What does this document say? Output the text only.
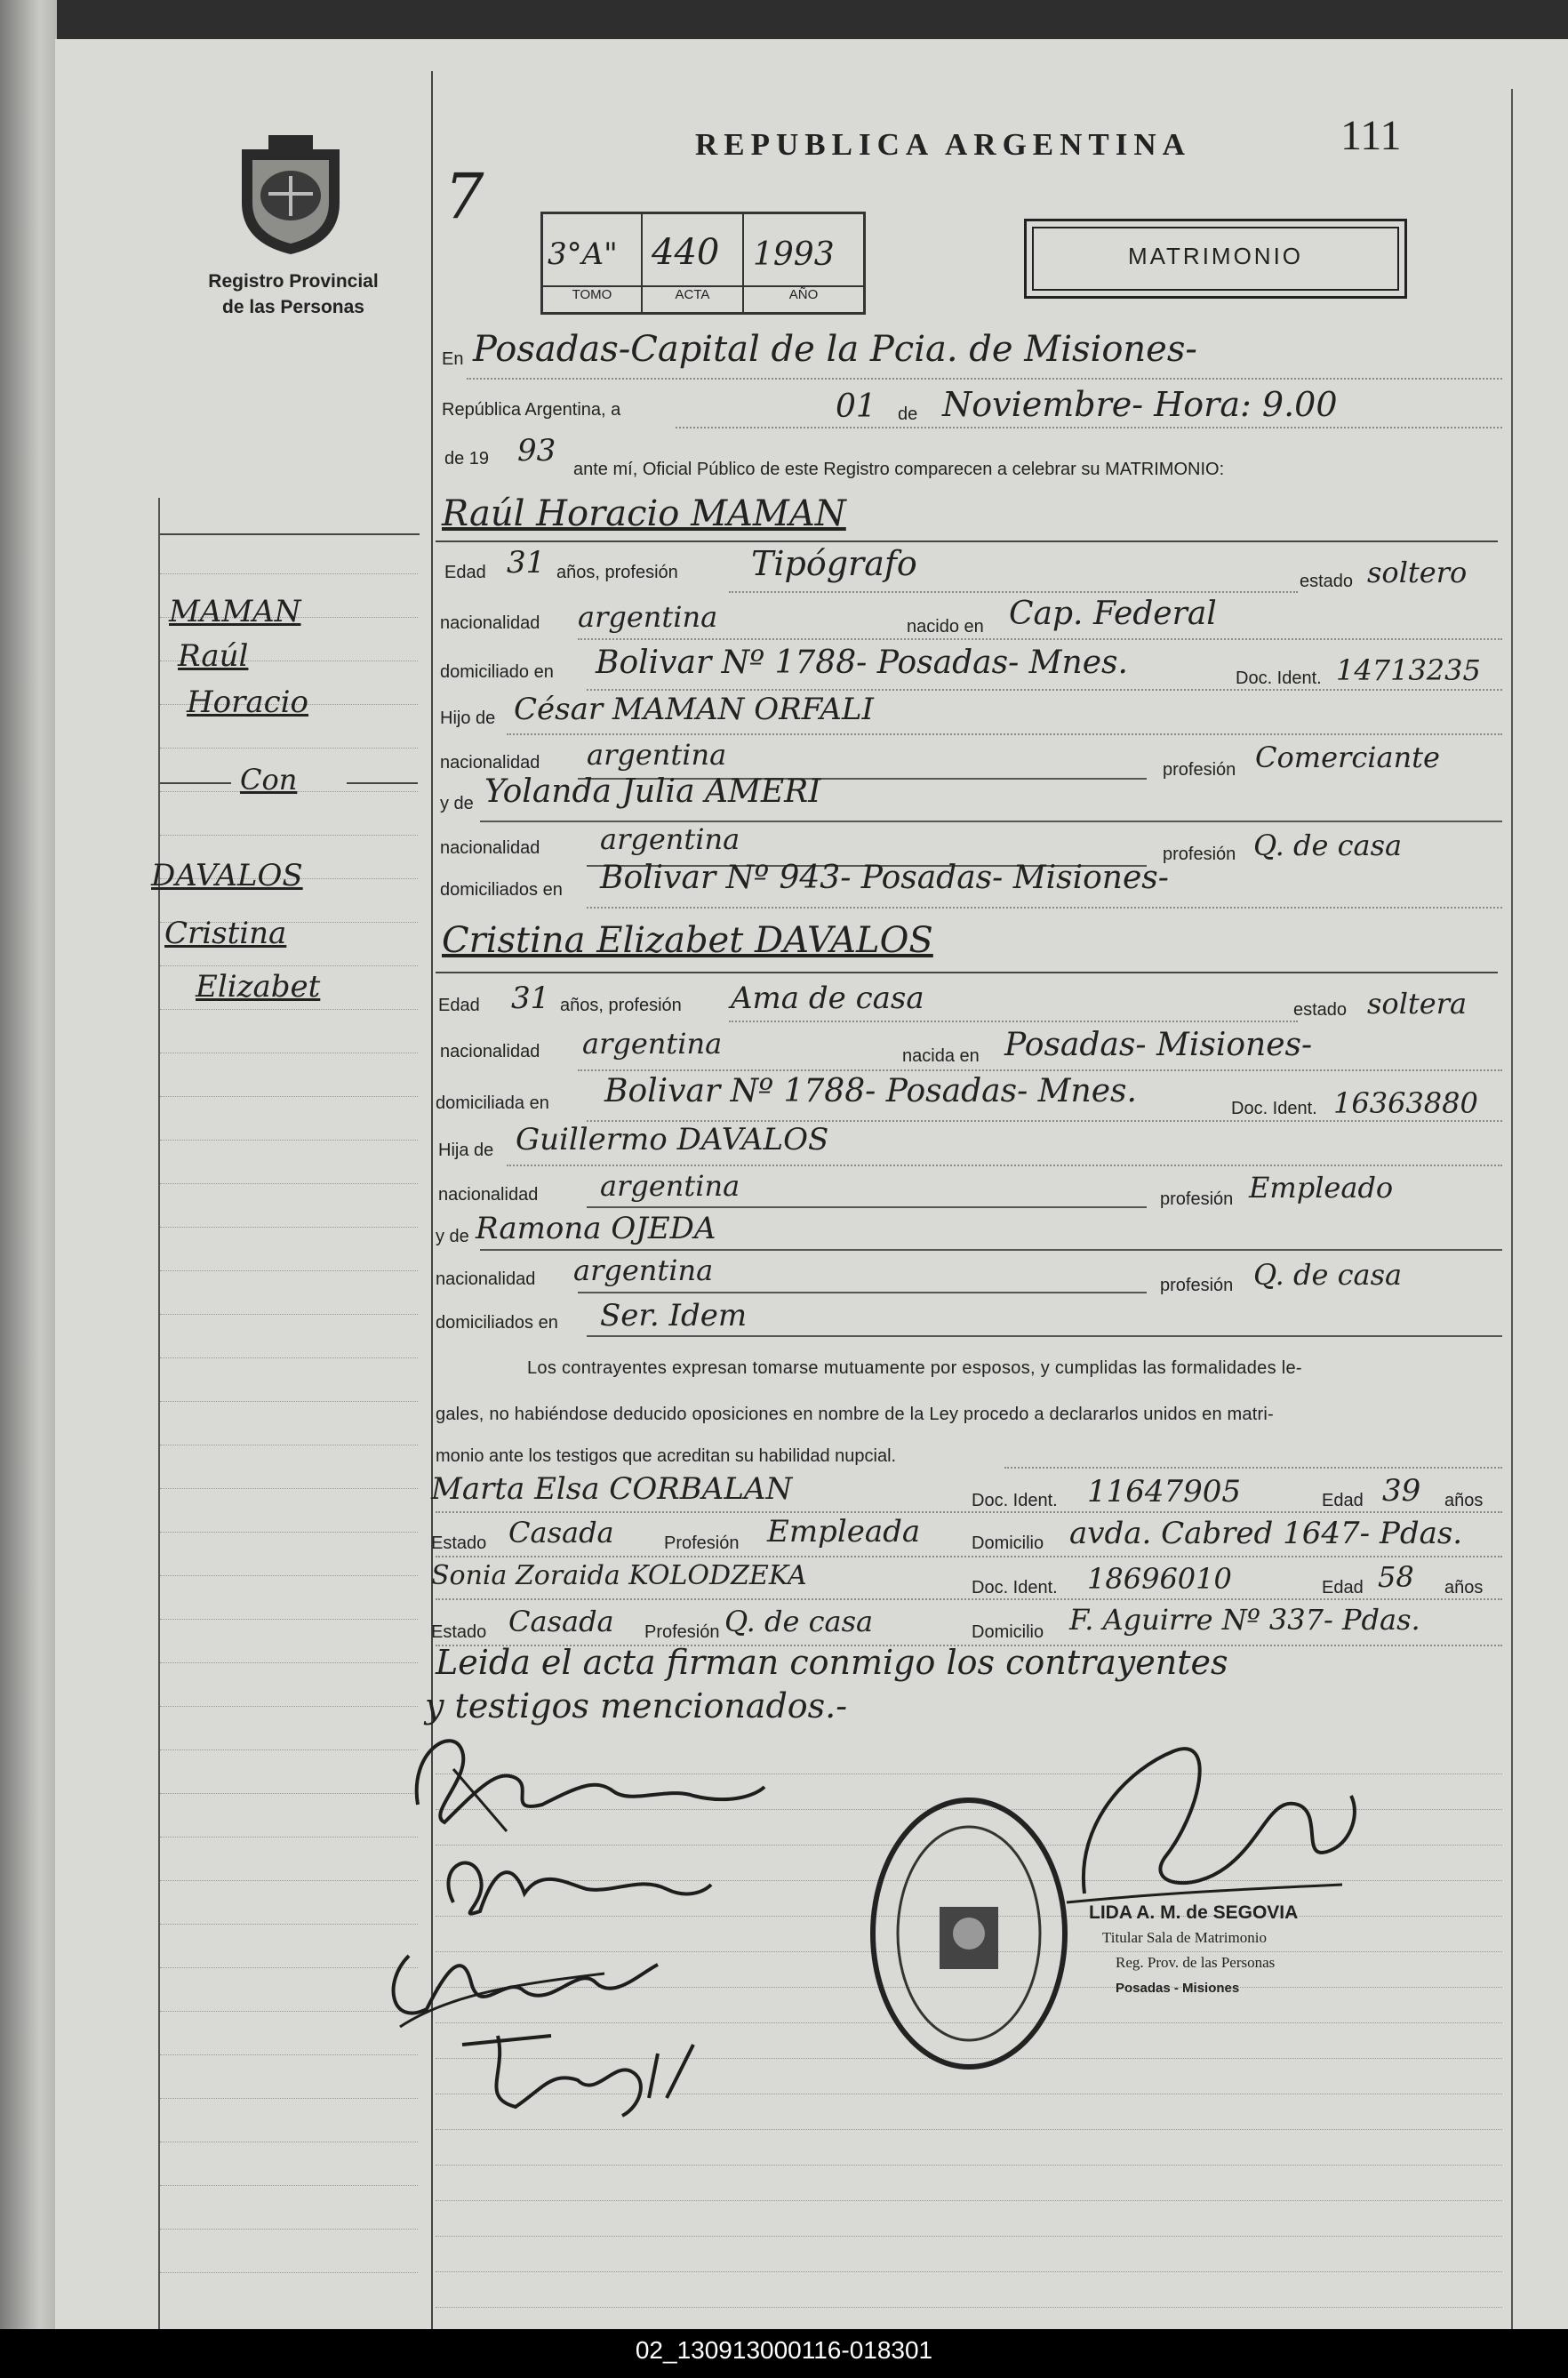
Registro Provincial
de las Personas
REPUBLICA ARGENTINA	111
7
3°A"
TOMO
440
ACTA
1993
AÑO
MATRIMONIO
MAMAN
Raúl
Horacio
Con
DAVALOS
Cristina
Elizabet
En Posadas-Capital de la Pcia. de Misiones-
República Argentina, a	01 de Noviembre- Hora: 9.00
de 19 93
ante mí, Oficial Público de este Registro comparecen a celebrar su MATRIMONIO:
Raúl Horacio MAMAN
Edad 31 años, profesión Tipógrafo	estado soltero
nacionalidad argentina	nacido en Cap. Federal
domiciliado en Bolivar Nº 1788- Posadas- Mnes.	Doc. Ident. 14713235
Hijo de César MAMAN ORFALI
nacionalidad argentina	profesión Comerciante
y de Yolanda Julia AMERI
nacionalidad argentina	profesión Q. de casa
domiciliados en Bolivar Nº 943- Posadas- Misiones-
Cristina Elizabet DAVALOS
Edad 31 años, profesión Ama de casa	estado soltera
nacionalidad argentina	nacida en Posadas- Misiones-
domiciliada en Bolivar Nº 1788- Posadas- Mnes.	Doc. Ident. 16363880
Hija de Guillermo DAVALOS
nacionalidad argentina	profesión Empleado
y de Ramona OJEDA
nacionalidad argentina	profesión Q. de casa
domiciliados en Ser. Idem
Los contrayentes expresan tomarse mutuamente por esposos, y cumplidas las formalidades le-
gales, no habiéndose deducido oposiciones en nombre de la Ley procedo a declararlos unidos en matri-
monio ante los testigos que acreditan su habilidad nupcial.
Marta Elsa CORBALAN	Doc. Ident. 11647905	Edad 39 años
Estado Casada	Profesión Empleada	Domicilio avda. Cabred 1647- Pdas.
Sonia Zoraida KOLODZEKA	Doc. Ident. 18696010	Edad 58 años
Estado Casada Profesión Q. de casa	Domicilio F. Aguirre Nº 337- Pdas.
Leida el acta firman conmigo los contrayentes
y testigos mencionados.-
LIDA A. M. de SEGOVIA
Titular Sala de Matrimonio
Reg. Prov. de las Personas
Posadas - Misiones
02_130913000116-018301
